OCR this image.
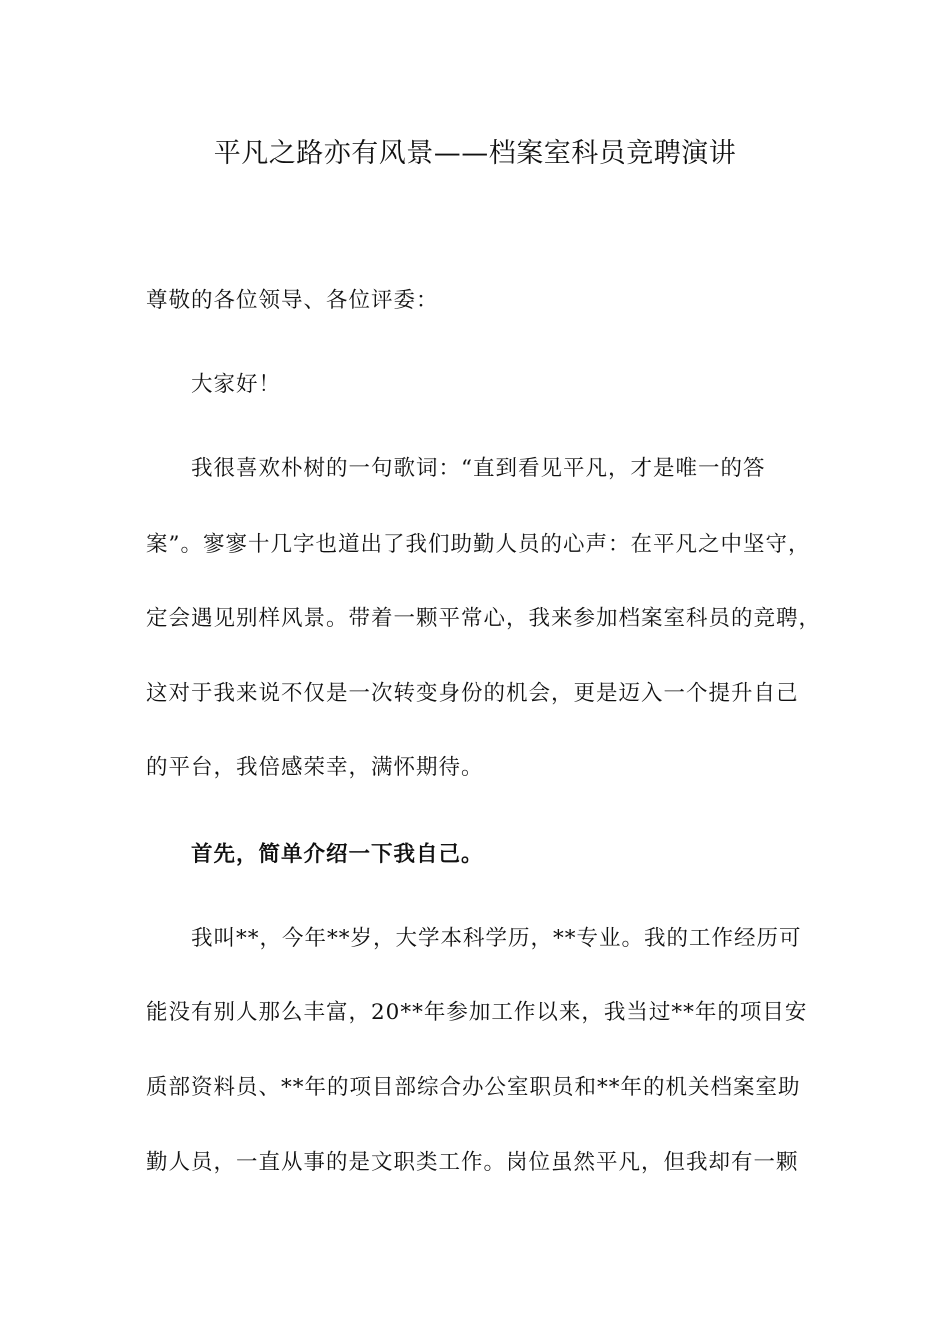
平凡之路亦有风景——档案室科员竞聘演讲
尊敬的各位领导、各位评委：
大家好！
我很喜欢朴树的一句歌词：“直到看见平凡，才是唯一的答
案”。寥寥十几字也道出了我们助勤人员的心声：在平凡之中坚守，
定会遇见别样风景。带着一颗平常心，我来参加档案室科员的竞聘，
这对于我来说不仅是一次转变身份的机会，更是迈入一个提升自己
的平台，我倍感荣幸，满怀期待。
首先，简单介绍一下我自己。
我叫**，今年**岁，大学本科学历，**专业。我的工作经历可
能没有别人那么丰富，20**年参加工作以来，我当过**年的项目安
质部资料员、**年的项目部综合办公室职员和**年的机关档案室助
勤人员，一直从事的是文职类工作。岗位虽然平凡，但我却有一颗
